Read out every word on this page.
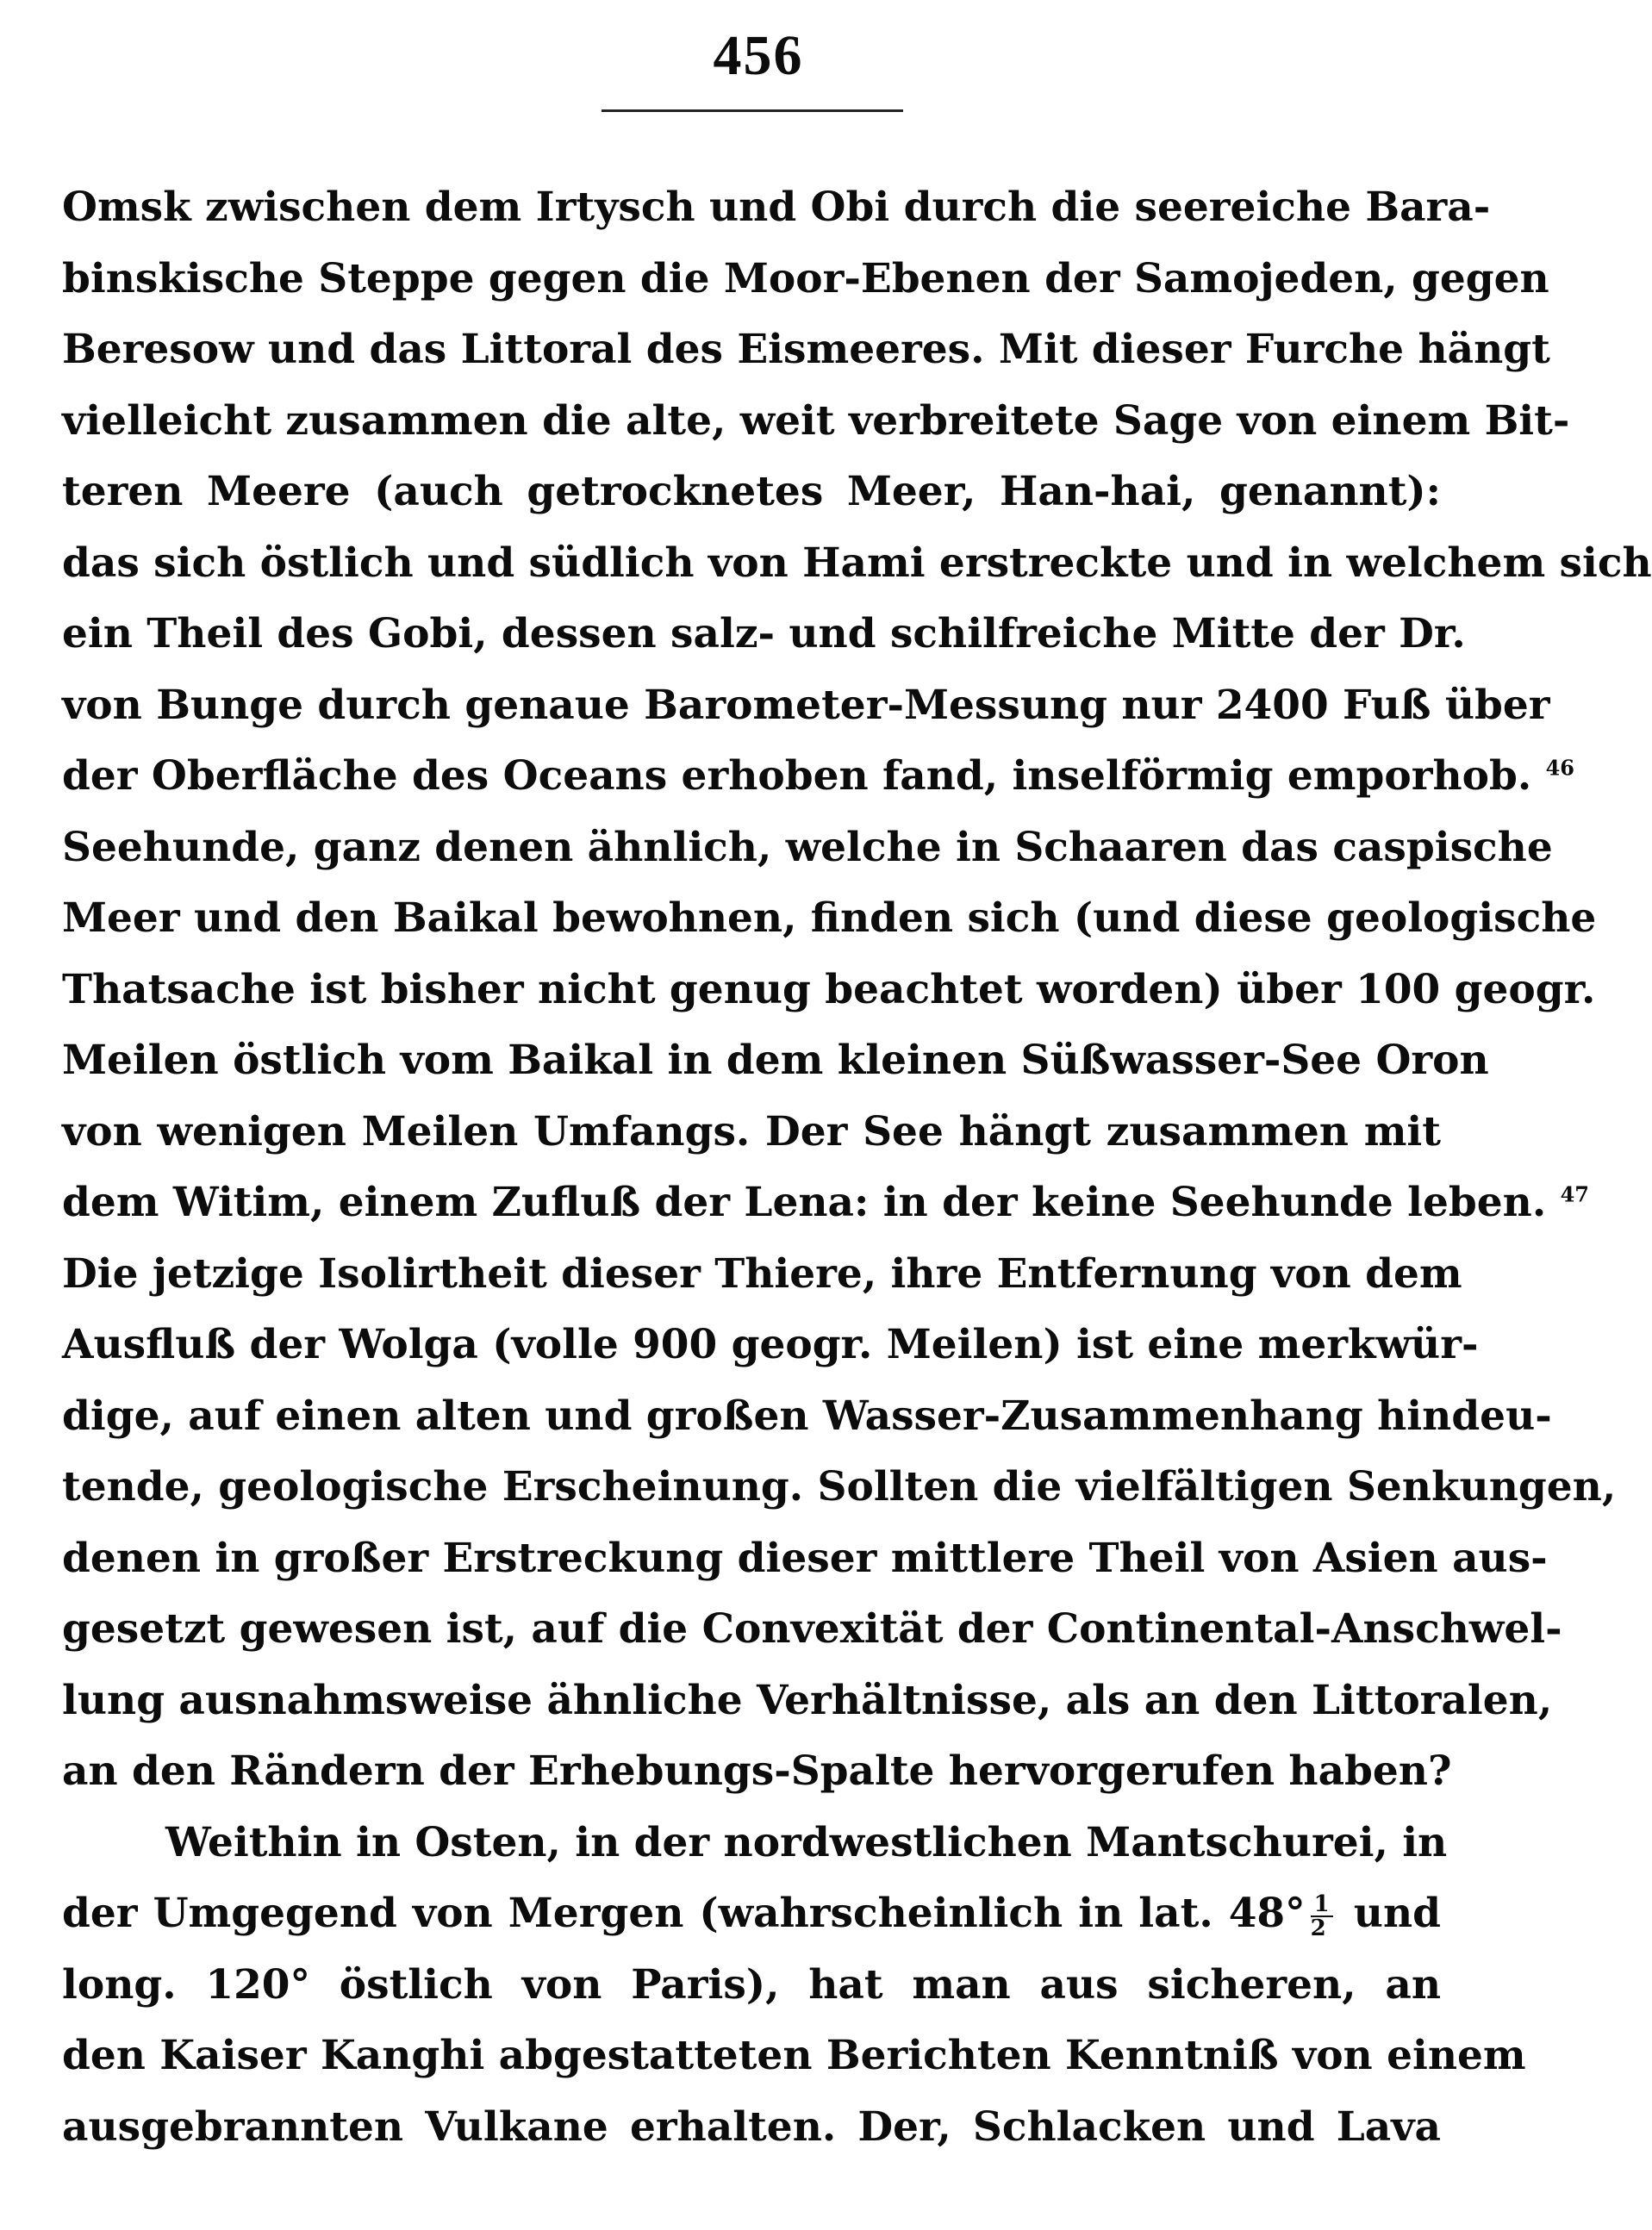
456
Omsk zwischen dem Irtysch und Obi durch die seereiche Bara-
binskische Steppe gegen die Moor-Ebenen der Samojeden, gegen
Beresow und das Littoral des Eismeeres. Mit dieser Furche hängt
vielleicht zusammen die alte, weit verbreitete Sage von einem Bit-
teren Meere (auch getrocknetes Meer, Han-hai, genannt):
das sich östlich und südlich von Hami erstreckte und in welchem sich
ein Theil des Gobi, dessen salz- und schilfreiche Mitte der Dr.
von Bunge durch genaue Barometer-Messung nur 2400 Fuß über
der Oberfläche des Oceans erhoben fand, inselförmig emporhob. $^{46}$
Seehunde, ganz denen ähnlich, welche in Schaaren das caspische
Meer und den Baikal bewohnen, finden sich (und diese geologische
Thatsache ist bisher nicht genug beachtet worden) über 100 geogr.
Meilen östlich vom Baikal in dem kleinen Süßwasser-See Oron
von wenigen Meilen Umfangs. Der See hängt zusammen mit
dem Witim, einem Zufluß der Lena: in der keine Seehunde leben. $^{47}$
Die jetzige Isolirtheit dieser Thiere, ihre Entfernung von dem
Ausfluß der Wolga (volle 900 geogr. Meilen) ist eine merkwür-
dige, auf einen alten und großen Wasser-Zusammenhang hindeu-
tende, geologische Erscheinung. Sollten die vielfältigen Senkungen,
denen in großer Erstreckung dieser mittlere Theil von Asien aus-
gesetzt gewesen ist, auf die Convexität der Continental-Anschwel-
lung ausnahmsweise ähnliche Verhältnisse, als an den Littoralen,
an den Rändern der Erhebungs-Spalte hervorgerufen haben?
Weithin in Osten, in der nordwestlichen Mantschurei, in
der Umgegend von Mergen (wahrscheinlich in lat. $48^\circ \frac{1}{2}$ und
long. 120° östlich von Paris), hat man aus sicheren, an
den Kaiser Kanghi abgestatteten Berichten Kenntniß von einem
ausgebrannten Vulkane erhalten. Der, Schlacken und Lava
